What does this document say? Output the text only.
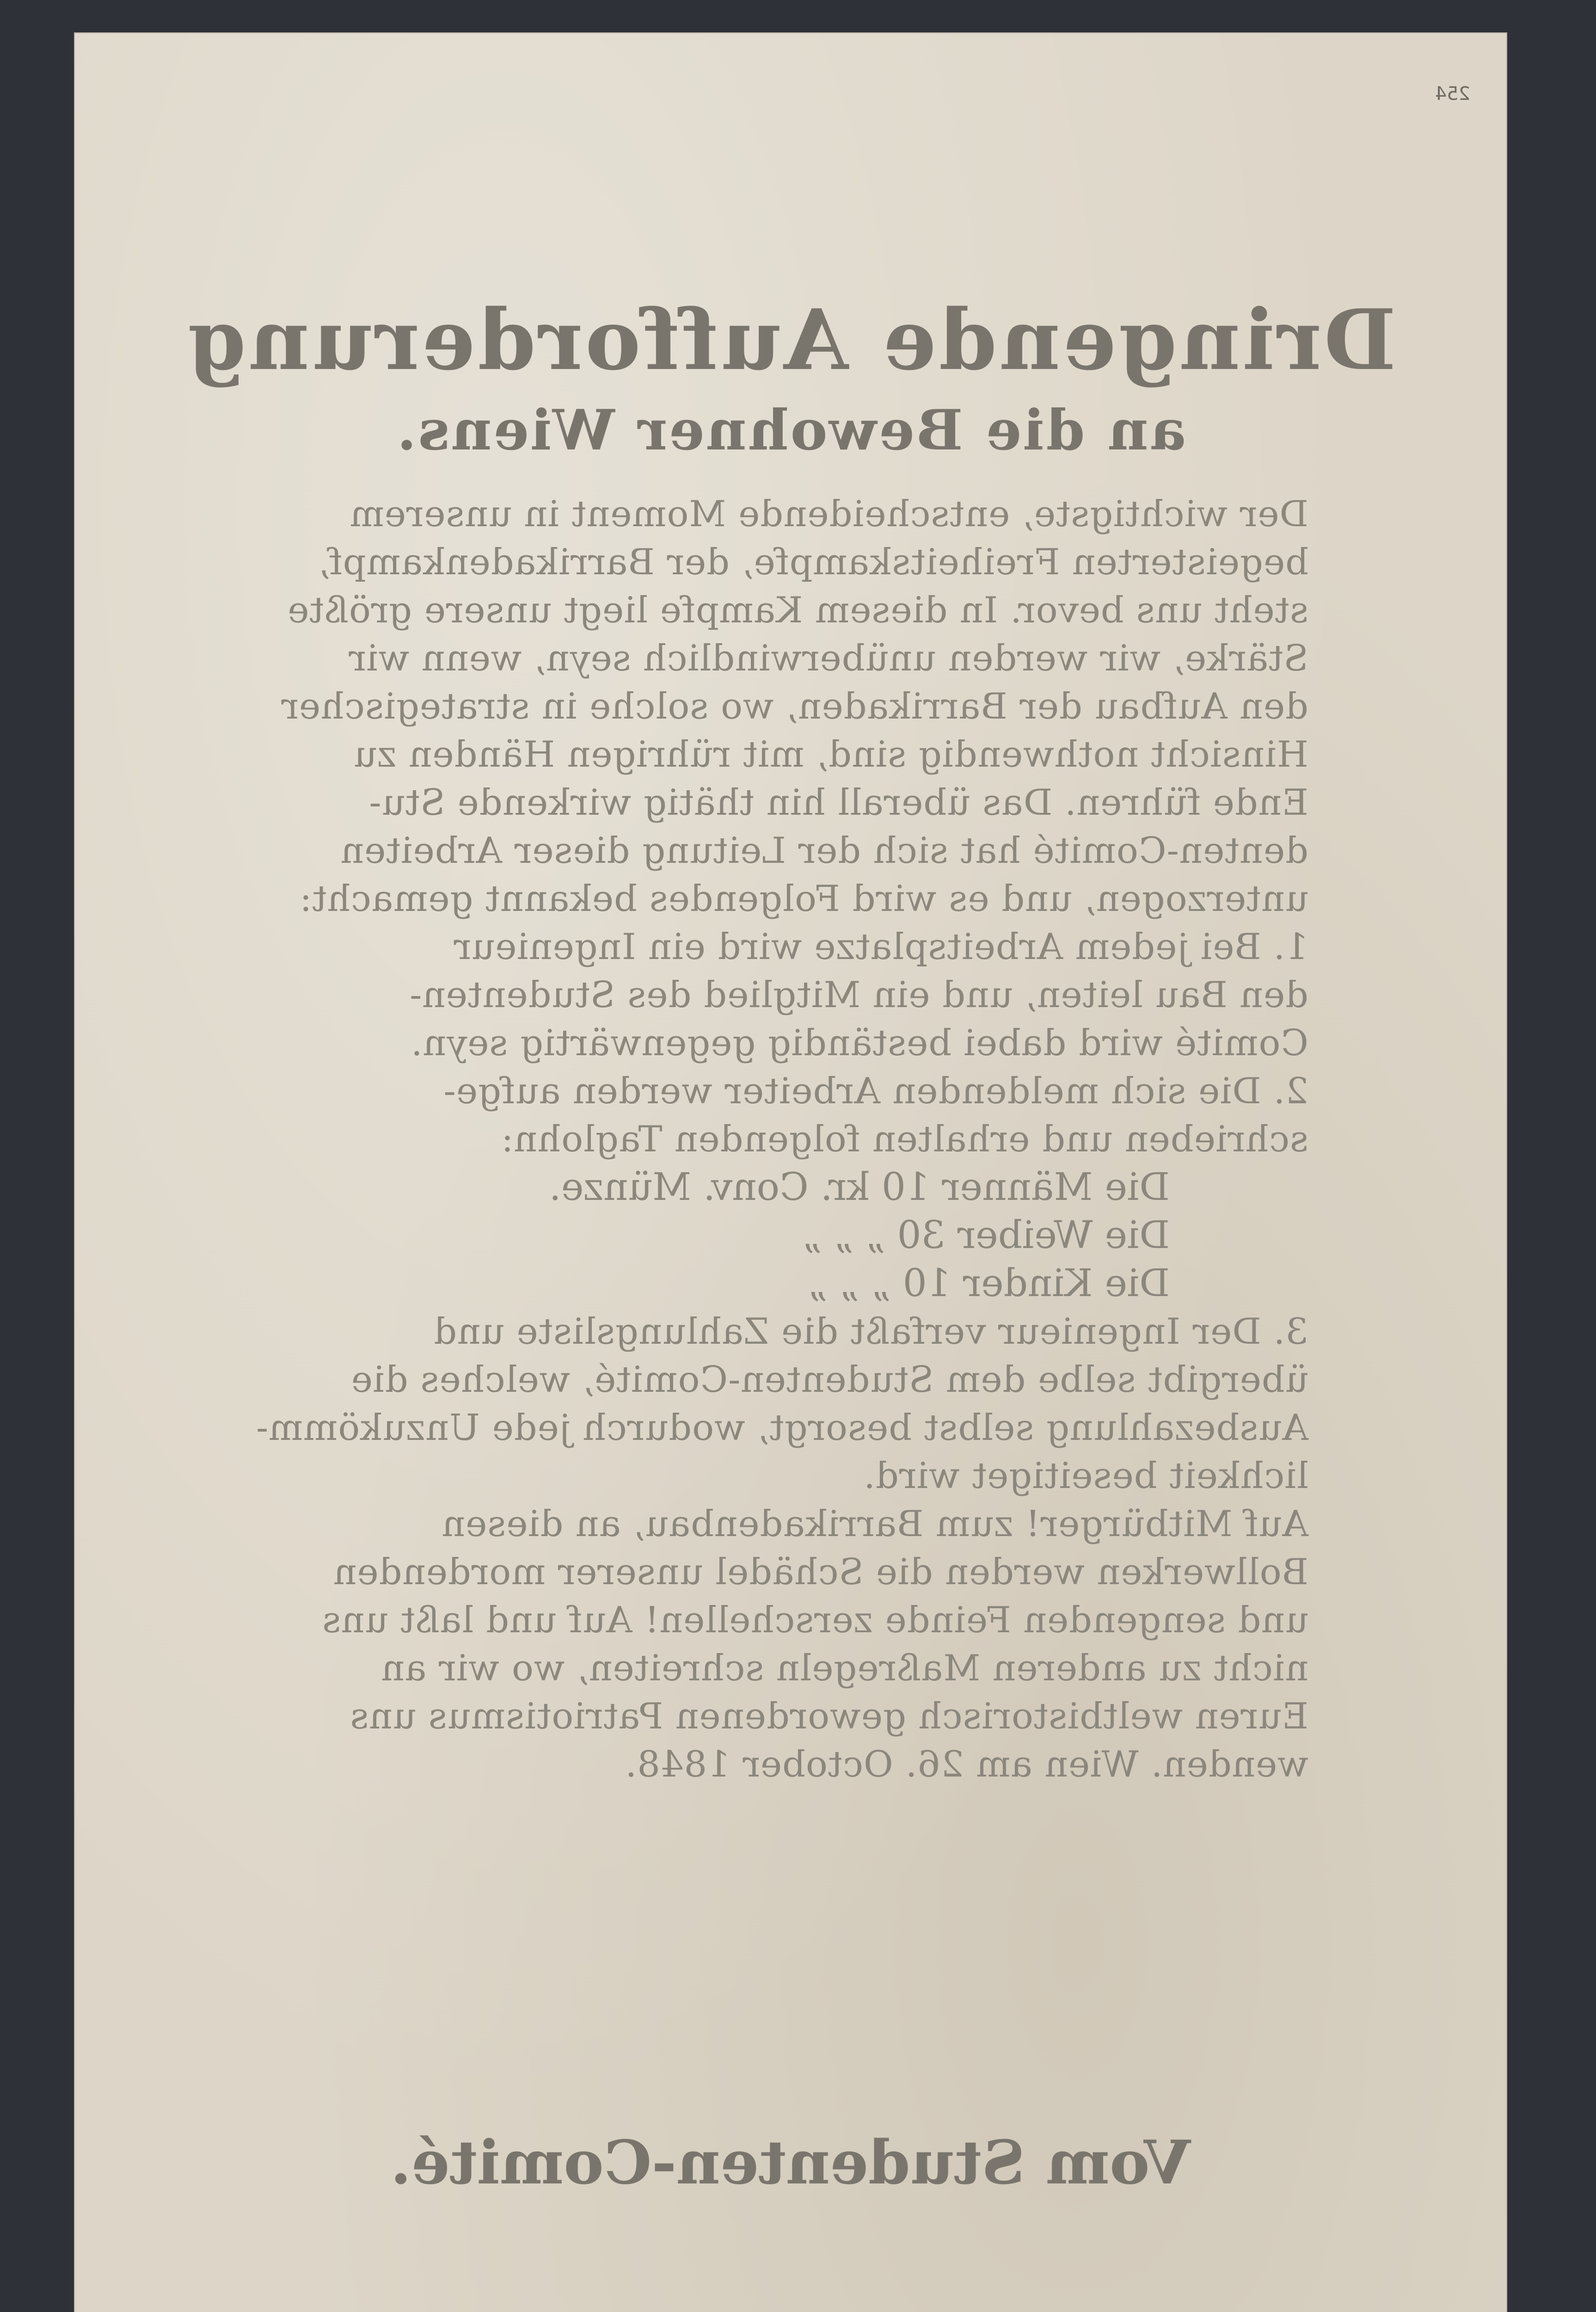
254
Dringende Aufforderung
an die Bewohner Wiens.
Der wichtigste, entscheidende Moment in unserem
begeisterten Freiheitskampfe, der Barrikadenkampf,
steht uns bevor. In diesem Kampfe liegt unsere größte
Stärke, wir werden unüberwindlich seyn, wenn wir
den Aufbau der Barrikaden, wo solche in strategischer
Hinsicht nothwendig sind, mit rührigen Händen zu
Ende führen. Das überall hin thätig wirkende Stu-
denten-Comité hat sich der Leitung dieser Arbeiten
unterzogen, und es wird Folgendes bekannt gemacht:
1. Bei jedem Arbeitsplatze wird ein Ingenieur
den Bau leiten, und ein Mitglied des Studenten-
Comité wird dabei beständig gegenwärtig seyn.
2. Die sich meldenden Arbeiter werden aufge-
schrieben und erhalten folgenden Taglohn:
Die Männer 10 kr. Conv. Münze.
Die Weiber 30 „ „ „
Die Kinder 10 „ „ „
3. Der Ingenieur verfaßt die Zahlungsliste und
übergibt selbe dem Studenten-Comité, welches die
Ausbezahlung selbst besorgt, wodurch jede Unzukömm-
lichkeit beseitiget wird.
Auf Mitbürger! zum Barrikadenbau, an diesen
Bollwerken werden die Schädel unserer mordenden
und sengenden Feinde zerschellen! Auf und laßt uns
nicht zu anderen Maßregeln schreiten, wo wir an
Euren weltbistorisch gewordenen Patriotismus uns
wenden. Wien am 26. October 1848.
Vom Studenten-Comité.
